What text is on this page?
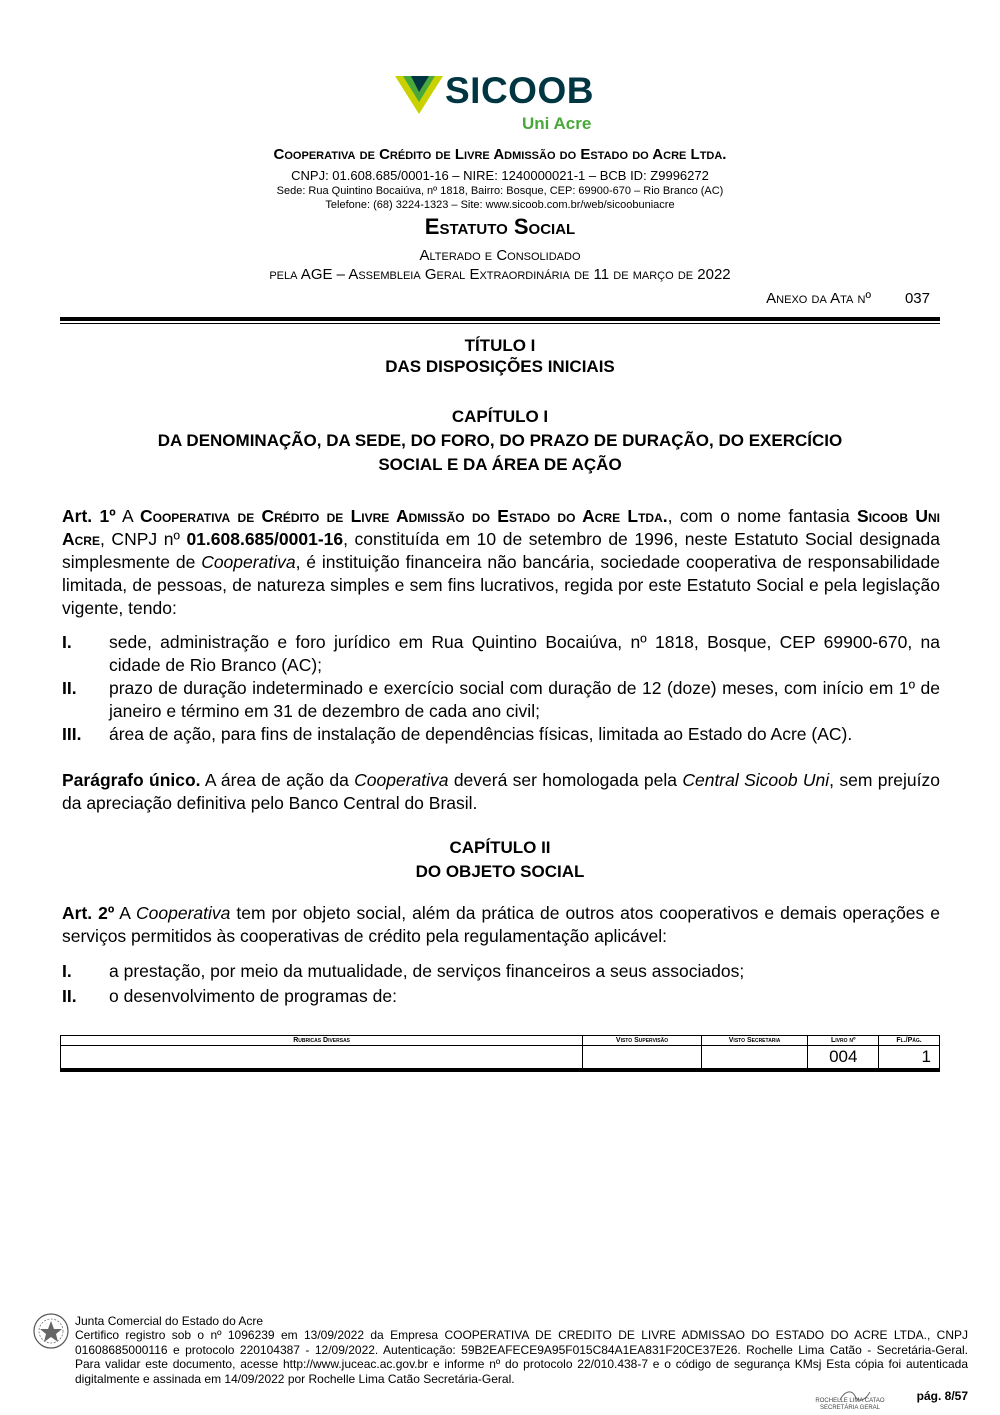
SICOOB
Uni Acre
Cooperativa de Crédito de Livre Admissão do Estado do Acre Ltda.
CNPJ: 01.608.685/0001-16 – NIRE: 1240000021-1 – BCB ID: Z9996272
Sede: Rua Quintino Bocaiúva, nº 1818, Bairro: Bosque, CEP: 69900-670 – Rio Branco (AC)
Telefone: (68) 3224-1323 – Site: www.sicoob.com.br/web/sicoobuniacre
Estatuto Social
Alterado e Consolidado
pela AGE – Assembleia Geral Extraordinária de 11 de março de 2022
Anexo da Ata nº 037
TÍTULO I
DAS DISPOSIÇÕES INICIAIS
CAPÍTULO I
DA DENOMINAÇÃO, DA SEDE, DO FORO, DO PRAZO DE DURAÇÃO, DO EXERCÍCIO
SOCIAL E DA ÁREA DE AÇÃO
Art. 1º A Cooperativa de Crédito de Livre Admissão do Estado do Acre Ltda., com o nome fantasia Sicoob Uni Acre, CNPJ nº 01.608.685/0001-16, constituída em 10 de setembro de 1996, neste Estatuto Social designada simplesmente de Cooperativa, é instituição financeira não bancária, sociedade cooperativa de responsabilidade limitada, de pessoas, de natureza simples e sem fins lucrativos, regida por este Estatuto Social e pela legislação vigente, tendo:
I. sede, administração e foro jurídico em Rua Quintino Bocaiúva, nº 1818, Bosque, CEP 69900-670, na cidade de Rio Branco (AC);
II. prazo de duração indeterminado e exercício social com duração de 12 (doze) meses, com início em 1º de janeiro e término em 31 de dezembro de cada ano civil;
III. área de ação, para fins de instalação de dependências físicas, limitada ao Estado do Acre (AC).
Parágrafo único. A área de ação da Cooperativa deverá ser homologada pela Central Sicoob Uni, sem prejuízo da apreciação definitiva pelo Banco Central do Brasil.
CAPÍTULO II
DO OBJETO SOCIAL
Art. 2º A Cooperativa tem por objeto social, além da prática de outros atos cooperativos e demais operações e serviços permitidos às cooperativas de crédito pela regulamentação aplicável:
I. a prestação, por meio da mutualidade, de serviços financeiros a seus associados;
II. o desenvolvimento de programas de:
Rubricas Diversas	Visto Supervisão	Visto Secretaria	Livro nº	Fl./Pág.
			004	1
Junta Comercial do Estado do Acre
Certifico registro sob o nº 1096239 em 13/09/2022 da Empresa COOPERATIVA DE CREDITO DE LIVRE ADMISSAO DO ESTADO DO ACRE LTDA., CNPJ 01608685000116 e protocolo 220104387 - 12/09/2022. Autenticação: 59B2EAFECE9A95F015C84A1EA831F20CE37E26. Rochelle Lima Catão - Secretária-Geral. Para validar este documento, acesse http://www.juceac.ac.gov.br e informe nº do protocolo 22/010.438-7 e o código de segurança KMsj Esta cópia foi autenticada digitalmente e assinada em 14/09/2022 por Rochelle Lima Catão Secretária-Geral.
ROCHELLE LIMA CATAO SECRETÁRIA GERAL
pág. 8/57
